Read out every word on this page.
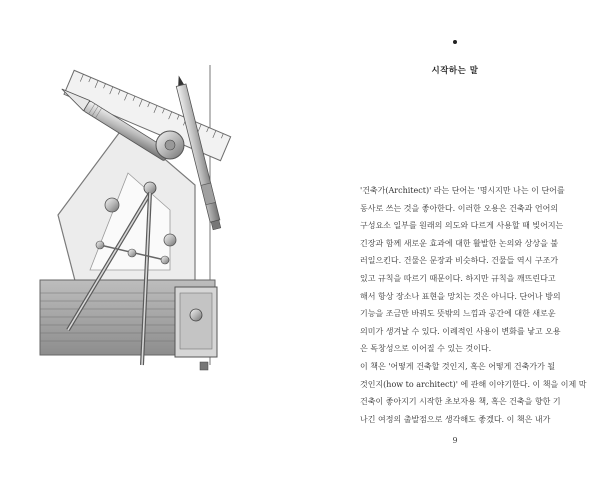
시작하는 말

'건축가(Architect)' 라는 단어는 '명시지만 나는 이 단어를
동사로 쓰는 것을 좋아한다. 이러한 오용은 건축과 언어의
구성요소 일부를 원래의 의도와 다르게 사용할 때 빚어지는
긴장과 함께 새로운 효과에 대한 활발한 논의와 상상을 불
러일으킨다. 건물은 문장과 비슷하다. 건물들 역시 구조가
있고 규칙을 따르기 때문이다. 하지만 규칙을 깨뜨린다고
해서 항상 장소나 표현을 망치는 것은 아니다. 단어나 방의
기능을 조금만 바꿔도 뜻밖의 느낌과 공간에 대한 새로운
의미가 생겨날 수 있다. 이례적인 사용이 변화를 낳고 오용
은 독창성으로 이어질 수 있는 것이다.

이 책은 '어떻게 건축할 것인지, 혹은 어떻게 건축가가 될
것인지(how to architect)' 에 관해 이야기한다. 이 책을 이제 막
건축이 좋아지기 시작한 초보자용 책, 혹은 건축을 향한 기
나긴 여정의 출발점으로 생각해도 좋겠다. 이 책은 내가

9
